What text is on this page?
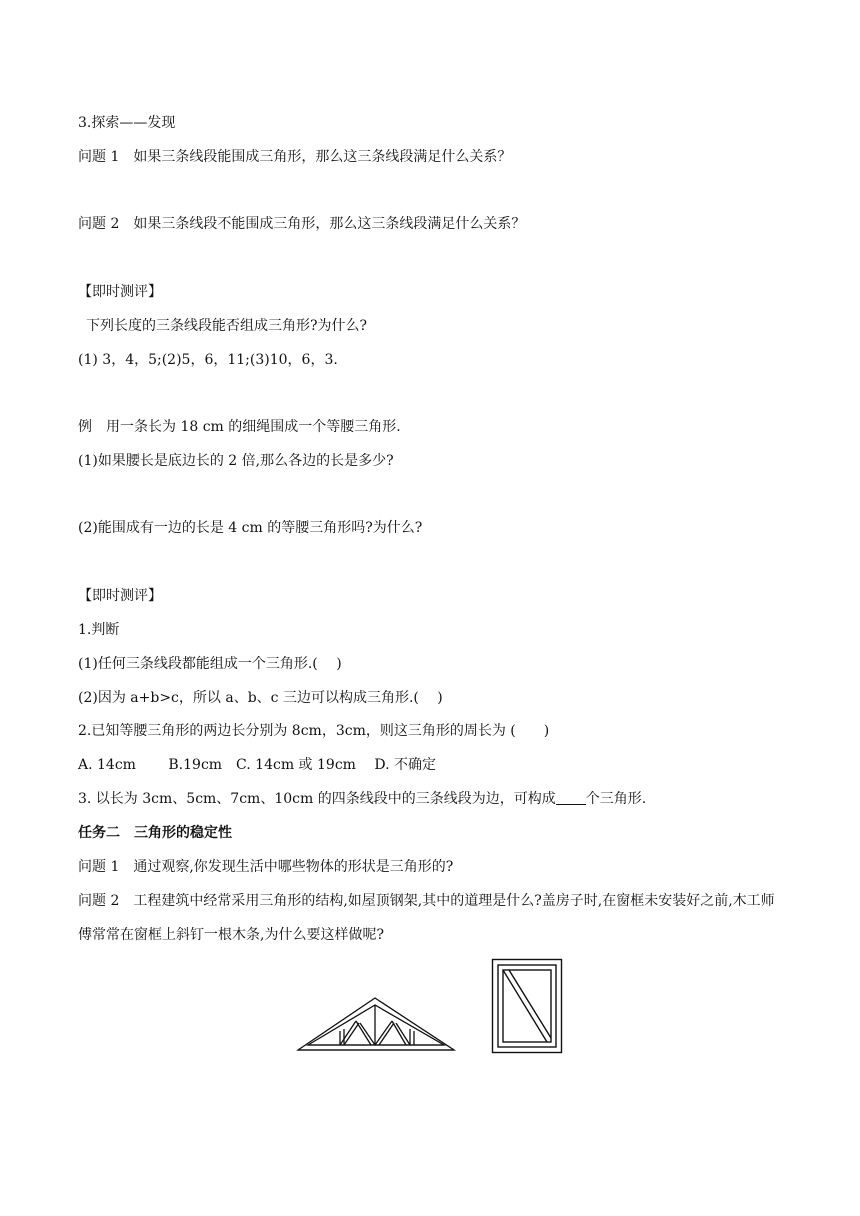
3.探索——发现
问题 1　如果三条线段能围成三角形，那么这三条线段满足什么关系？
问题 2　如果三条线段不能围成三角形，那么这三条线段满足什么关系？
【即时测评】
下列长度的三条线段能否组成三角形?为什么?
(1) 3，4，5;(2)5，6，11;(3)10，6，3.
例　用一条长为 18 cm 的细绳围成一个等腰三角形.
(1)如果腰长是底边长的 2 倍,那么各边的长是多少?
(2)能围成有一边的长是 4 cm 的等腰三角形吗?为什么?
【即时测评】
1.判断
(1)任何三条线段都能组成一个三角形.(　 )
(2)因为 a+b>c，所以 a、b、c 三边可以构成三角形.(　 )
2.已知等腰三角形的两边长分别为 8cm，3cm，则这三角形的周长为 (　　)
A. 14cm　　 B.19cm　C. 14cm 或 19cm　 D. 不确定
3. 以长为 3cm、5cm、7cm、10cm 的四条线段中的三条线段为边，可构成 个三角形.
任务二　三角形的稳定性
问题 1　通过观察,你发现生活中哪些物体的形状是三角形的?
问题 2　工程建筑中经常采用三角形的结构,如屋顶钢架,其中的道理是什么?盖房子时,在窗框未安装好之前,木工师傅常常在窗框上斜钉一根木条,为什么要这样做呢?
